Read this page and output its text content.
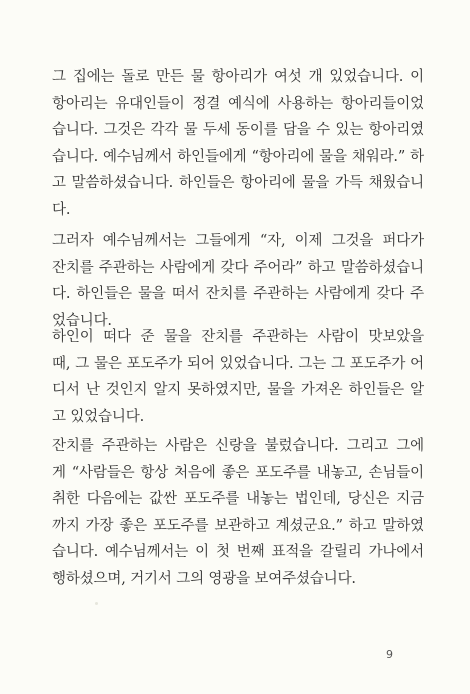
그 집에는 돌로 만든 물 항아리가 여섯 개 있었습니다. 이
항아리는 유대인들이 정결 예식에 사용하는 항아리들이었
습니다. 그것은 각각 물 두세 동이를 담을 수 있는 항아리였
습니다. 예수님께서 하인들에게 “항아리에 물을 채워라.” 하
고 말씀하셨습니다. 하인들은 항아리에 물을 가득 채웠습니
다.
그러자 예수님께서는 그들에게 “자, 이제 그것을 퍼다가
잔치를 주관하는 사람에게 갖다 주어라” 하고 말씀하셨습니
다. 하인들은 물을 떠서 잔치를 주관하는 사람에게 갖다 주
었습니다.
하인이 떠다 준 물을 잔치를 주관하는 사람이 맛보았을
때, 그 물은 포도주가 되어 있었습니다. 그는 그 포도주가 어
디서 난 것인지 알지 못하였지만, 물을 가져온 하인들은 알
고 있었습니다.
잔치를 주관하는 사람은 신랑을 불렀습니다. 그리고 그에
게 “사람들은 항상 처음에 좋은 포도주를 내놓고, 손님들이
취한 다음에는 값싼 포도주를 내놓는 법인데, 당신은 지금
까지 가장 좋은 포도주를 보관하고 계셨군요.” 하고 말하였
습니다. 예수님께서는 이 첫 번째 표적을 갈릴리 가나에서
행하셨으며, 거기서 그의 영광을 보여주셨습니다.
9
